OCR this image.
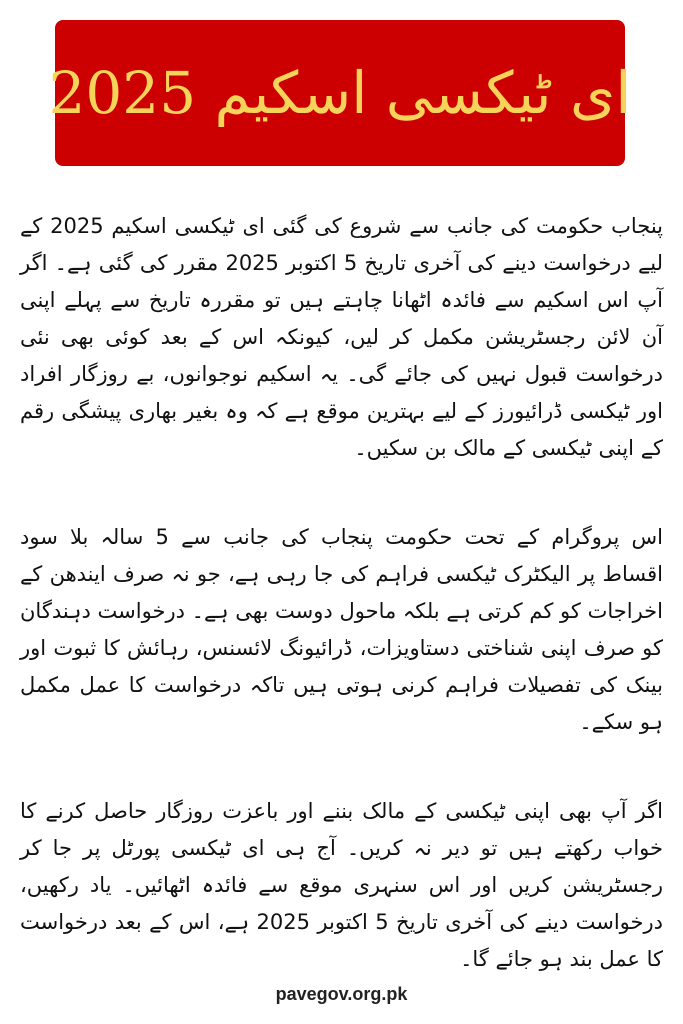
ای ٹیکسی اسکیم 2025

پنجاب حکومت کی جانب سے شروع کی گئی ای ٹیکسی اسکیم 2025 کے لیے درخواست دینے کی آخری تاریخ 5 اکتوبر 2025 مقرر کی گئی ہے۔ اگر آپ اس اسکیم سے فائدہ اٹھانا چاہتے ہیں تو مقررہ تاریخ سے پہلے اپنی آن لائن رجسٹریشن مکمل کر لیں، کیونکہ اس کے بعد کوئی بھی نئی درخواست قبول نہیں کی جائے گی۔ یہ اسکیم نوجوانوں، بے روزگار افراد اور ٹیکسی ڈرائیورز کے لیے بہترین موقع ہے کہ وہ بغیر بھاری پیشگی رقم کے اپنی ٹیکسی کے مالک بن سکیں۔

اس پروگرام کے تحت حکومت پنجاب کی جانب سے 5 سالہ بلا سود اقساط پر الیکٹرک ٹیکسی فراہم کی جا رہی ہے، جو نہ صرف ایندھن کے اخراجات کو کم کرتی ہے بلکہ ماحول دوست بھی ہے۔ درخواست دہندگان کو صرف اپنی شناختی دستاویزات، ڈرائیونگ لائسنس، رہائش کا ثبوت اور بینک کی تفصیلات فراہم کرنی ہوتی ہیں تاکہ درخواست کا عمل مکمل ہو سکے۔

اگر آپ بھی اپنی ٹیکسی کے مالک بننے اور باعزت روزگار حاصل کرنے کا خواب رکھتے ہیں تو دیر نہ کریں۔ آج ہی ای ٹیکسی پورٹل پر جا کر رجسٹریشن کریں اور اس سنہری موقع سے فائدہ اٹھائیں۔ یاد رکھیں، درخواست دینے کی آخری تاریخ 5 اکتوبر 2025 ہے، اس کے بعد درخواست کا عمل بند ہو جائے گا۔

pavegov.org.pk
